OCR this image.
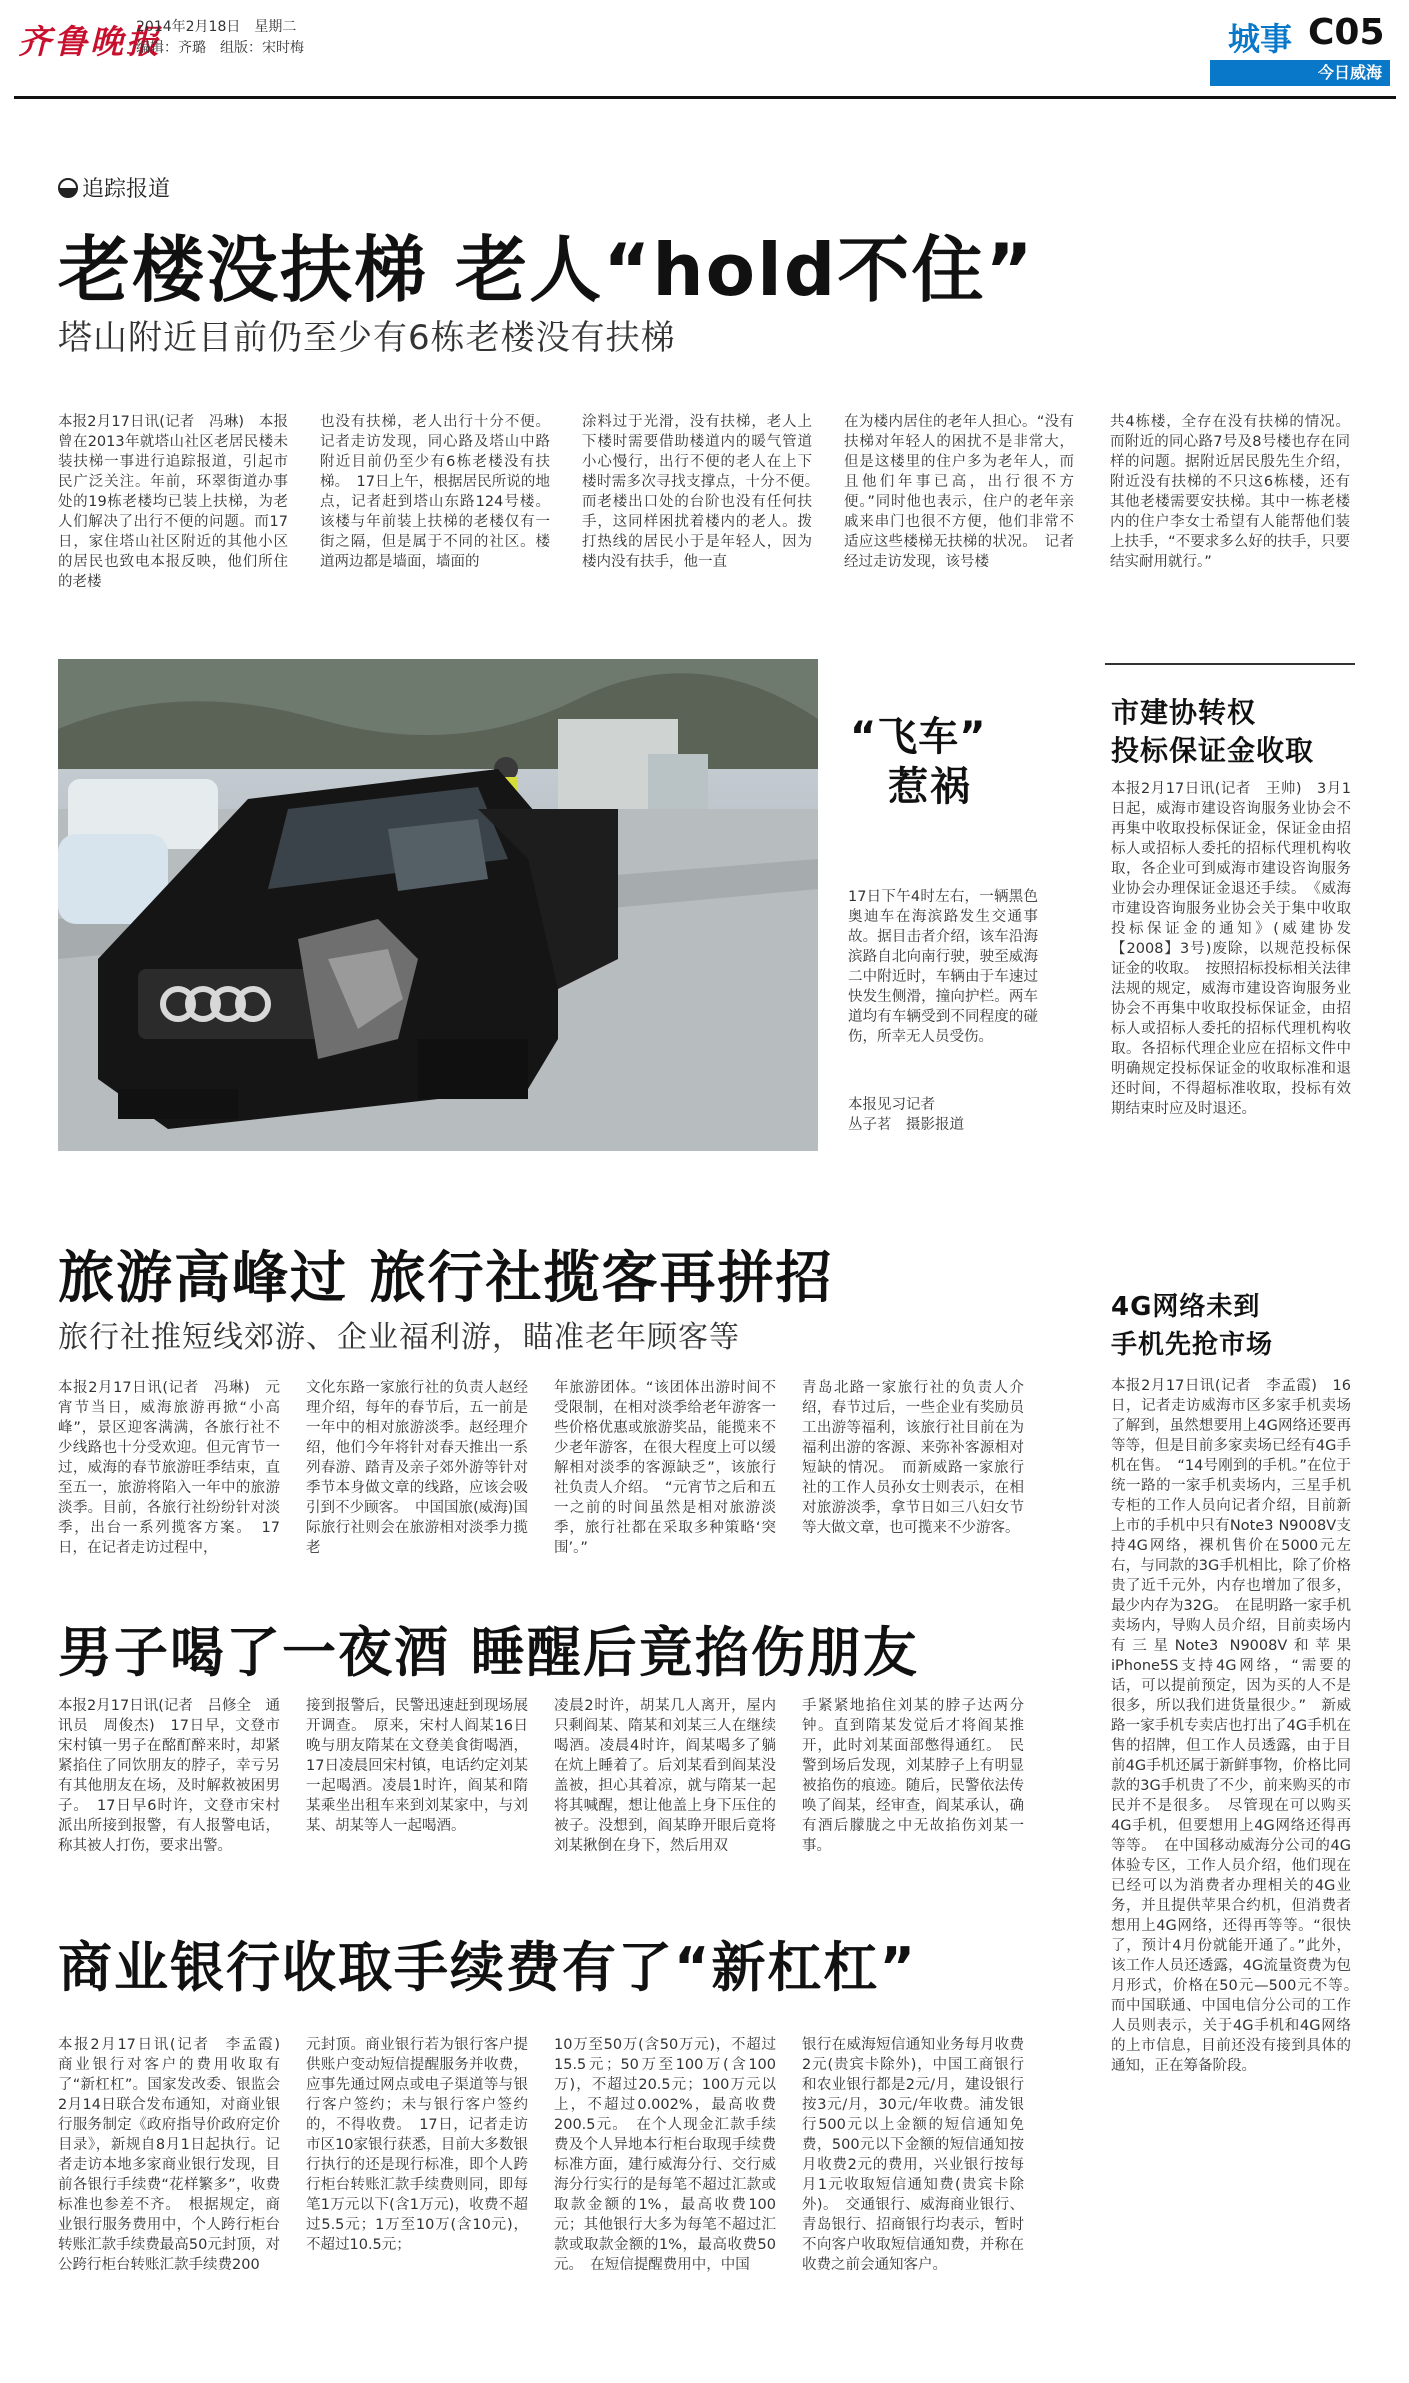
齐鲁晚报
2014年2月18日　星期二
编辑：齐璐　组版：宋时梅	城事 C05
今日威海
追踪报道
老楼没扶梯 老人“hold不住”
塔山附近目前仍至少有6栋老楼没有扶梯
本报2月17日讯(记者　冯琳)　本报曾在2013年就塔山社区老居民楼未装扶梯一事进行追踪报道，引起市民广泛关注。年前，环翠街道办事处的19栋老楼均已装上扶梯，为老人们解决了出行不便的问题。而17日，家住塔山社区附近的其他小区的居民也致电本报反映，他们所住的老楼
也没有扶梯，老人出行十分不便。记者走访发现，同心路及塔山中路附近目前仍至少有6栋老楼没有扶梯。　17日上午，根据居民所说的地点，记者赶到塔山东路124号楼。该楼与年前装上扶梯的老楼仅有一街之隔，但是属于不同的社区。楼道两边都是墙面，墙面的
涂料过于光滑，没有扶梯，老人上下楼时需要借助楼道内的暖气管道小心慢行，出行不便的老人在上下楼时需多次寻找支撑点，十分不便。　而老楼出口处的台阶也没有任何扶手，这同样困扰着楼内的老人。拨打热线的居民小于是年轻人，因为楼内没有扶手，他一直
在为楼内居住的老年人担心。“没有扶梯对年轻人的困扰不是非常大，但是这楼里的住户多为老年人，而且他们年事已高，出行很不方便。”同时他也表示，住户的老年亲戚来串门也很不方便，他们非常不适应这些楼梯无扶梯的状况。　记者经过走访发现，该号楼
共4栋楼，全存在没有扶梯的情况。而附近的同心路7号及8号楼也存在同样的问题。据附近居民殷先生介绍，附近没有扶梯的不只这6栋楼，还有其他老楼需要安扶梯。其中一栋老楼内的住户李女士希望有人能帮他们装上扶手，“不要求多么好的扶手，只要结实耐用就行。”
“飞车”
惹祸
17日下午4时左右，一辆黑色奥迪车在海滨路发生交通事故。据目击者介绍，该车沿海滨路自北向南行驶，驶至威海二中附近时，车辆由于车速过快发生侧滑，撞向护栏。两车道均有车辆受到不同程度的碰伤，所幸无人员受伤。
本报见习记者
丛子茗　摄影报道
市建协转权
投标保证金收取
本报2月17日讯(记者　王帅)　3月1日起，威海市建设咨询服务业协会不再集中收取投标保证金，保证金由招标人或招标人委托的招标代理机构收取，各企业可到威海市建设咨询服务业协会办理保证金退还手续。　《威海市建设咨询服务业协会关于集中收取投标保证金的通知》(威建协发【2008】3号)废除，以规范投标保证金的收取。　按照招标投标相关法律法规的规定，威海市建设咨询服务业协会不再集中收取投标保证金，由招标人或招标人委托的招标代理机构收取。各招标代理企业应在招标文件中明确规定投标保证金的收取标准和退还时间，不得超标准收取，投标有效期结束时应及时退还。
旅游高峰过 旅行社揽客再拼招
旅行社推短线郊游、企业福利游，瞄准老年顾客等
本报2月17日讯(记者　冯琳)　元宵节当日，威海旅游再掀“小高峰”，景区迎客满满，各旅行社不少线路也十分受欢迎。但元宵节一过，威海的春节旅游旺季结束，直至五一，旅游将陷入一年中的旅游淡季。目前，各旅行社纷纷针对淡季，出台一系列揽客方案。　17日，在记者走访过程中，
文化东路一家旅行社的负责人赵经理介绍，每年的春节后，五一前是一年中的相对旅游淡季。赵经理介绍，他们今年将针对春天推出一系列春游、踏青及亲子郊外游等针对季节本身做文章的线路，应该会吸引到不少顾客。　中国国旅(威海)国际旅行社则会在旅游相对淡季力揽老
年旅游团体。“该团体出游时间不受限制，在相对淡季给老年游客一些价格优惠或旅游奖品，能揽来不少老年游客，在很大程度上可以缓解相对淡季的客源缺乏”，该旅行社负责人介绍。　“元宵节之后和五一之前的时间虽然是相对旅游淡季，旅行社都在采取多种策略‘突围’。”
青岛北路一家旅行社的负责人介绍，春节过后，一些企业有奖励员工出游等福利，该旅行社目前在为福利出游的客源、来弥补客源相对短缺的情况。　而新威路一家旅行社的工作人员孙女士则表示，在相对旅游淡季，拿节日如三八妇女节等大做文章，也可揽来不少游客。
4G网络未到
手机先抢市场
本报2月17日讯(记者　李孟霞)　16日，记者走访威海市区多家手机卖场了解到，虽然想要用上4G网络还要再等等，但是目前多家卖场已经有4G手机在售。　“14号刚到的手机。”在位于统一路的一家手机卖场内，三星手机专柜的工作人员向记者介绍，目前新上市的手机中只有Note3 N9008V支持4G网络，裸机售价在5000元左右，与同款的3G手机相比，除了价格贵了近千元外，内存也增加了很多，最少内存为32G。　在昆明路一家手机卖场内，导购人员介绍，目前卖场内有三星Note3 N9008V和苹果iPhone5S支持4G网络，“需要的话，可以提前预定，因为买的人不是很多，所以我们进货量很少。”　新威路一家手机专卖店也打出了4G手机在售的招牌，但工作人员透露，由于目前4G手机还属于新鲜事物，价格比同款的3G手机贵了不少，前来购买的市民并不是很多。　尽管现在可以购买4G手机，但要想用上4G网络还得再等等。　在中国移动威海分公司的4G体验专区，工作人员介绍，他们现在已经可以为消费者办理相关的4G业务，并且提供苹果合约机，但消费者想用上4G网络，还得再等等。“很快了，预计4月份就能开通了。”此外，该工作人员还透露，4G流量资费为包月形式，价格在50元—500元不等。　而中国联通、中国电信分公司的工作人员则表示，关于4G手机和4G网络的上市信息，目前还没有接到具体的通知，正在筹备阶段。
男子喝了一夜酒 睡醒后竟掐伤朋友
本报2月17日讯(记者　吕修全　通讯员　周俊杰)　17日早，文登市宋村镇一男子在酩酊醉来时，却紧紧掐住了同饮朋友的脖子，幸亏另有其他朋友在场，及时解救被困男子。　17日早6时许，文登市宋村派出所接到报警，有人报警电话，称其被人打伤，要求出警。
接到报警后，民警迅速赶到现场展开调查。　原来，宋村人阎某16日晚与朋友隋某在文登美食街喝酒，17日凌晨回宋村镇，电话约定刘某一起喝酒。凌晨1时许，阎某和隋某乘坐出租车来到刘某家中，与刘某、胡某等人一起喝酒。
凌晨2时许，胡某几人离开，屋内只剩阎某、隋某和刘某三人在继续喝酒。凌晨4时许，阎某喝多了躺在炕上睡着了。后刘某看到阎某没盖被，担心其着凉，就与隋某一起将其喊醒，想让他盖上身下压住的被子。没想到，阎某睁开眼后竟将刘某揪倒在身下，然后用双
手紧紧地掐住刘某的脖子达两分钟。直到隋某发觉后才将阎某推开，此时刘某面部憋得通红。　民警到场后发现，刘某脖子上有明显被掐伤的痕迹。随后，民警依法传唤了阎某，经审查，阎某承认，确有酒后朦胧之中无故掐伤刘某一事。
商业银行收取手续费有了“新杠杠”
本报2月17日讯(记者　李孟霞)　商业银行对客户的费用收取有了“新杠杠”。国家发改委、银监会2月14日联合发布通知，对商业银行服务制定《政府指导价政府定价目录》，新规自8月1日起执行。记者走访本地多家商业银行发现，目前各银行手续费“花样繁多”，收费标准也参差不齐。　根据规定，商业银行服务费用中，个人跨行柜台转账汇款手续费最高50元封顶，对公跨行柜台转账汇款手续费200
元封顶。商业银行若为银行客户提供账户变动短信提醒服务并收费，应事先通过网点或电子渠道等与银行客户签约；未与银行客户签约的，不得收费。　17日，记者走访市区10家银行获悉，目前大多数银行执行的还是现行标准，即个人跨行柜台转账汇款手续费则同，即每笔1万元以下(含1万元)，收费不超过5.5元；1万至10万(含10元)，不超过10.5元；
10万至50万(含50万元)，不超过15.5元；50万至100万(含100万)，不超过20.5元；100万元以上，不超过0.002%，最高收费200.5元。　在个人现金汇款手续费及个人异地本行柜台取现手续费标准方面，建行威海分行、交行威海分行实行的是每笔不超过汇款或取款金额的1%，最高收费100元；其他银行大多为每笔不超过汇款或取款金额的1%，最高收费50元。　在短信提醒费用中，中国
银行在威海短信通知业务每月收费2元(贵宾卡除外)，中国工商银行和农业银行都是2元/月，建设银行按3元/月，30元/年收费。浦发银行500元以上金额的短信通知免费，500元以下金额的短信通知按月收费2元的费用，兴业银行按每月1元收取短信通知费(贵宾卡除外)。　交通银行、威海商业银行、青岛银行、招商银行均表示，暂时不向客户收取短信通知费，并称在收费之前会通知客户。
